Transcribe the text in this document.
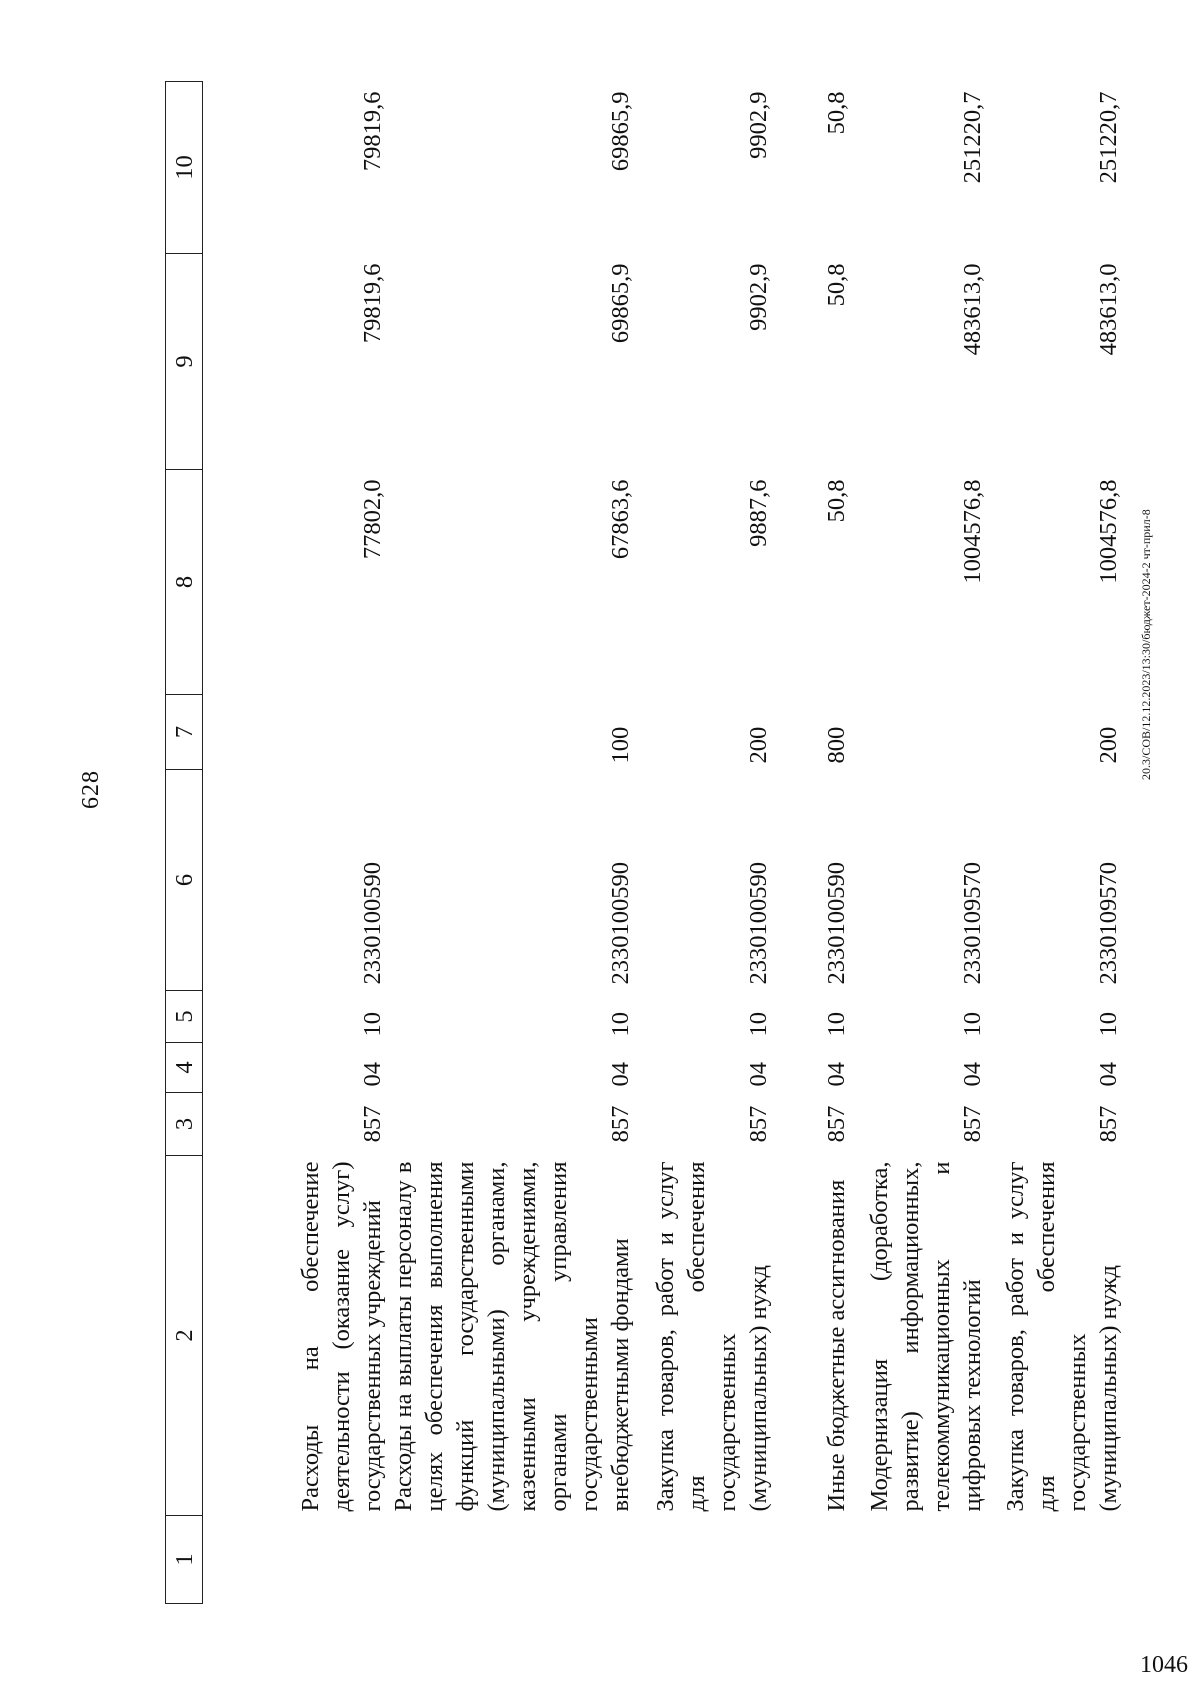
628
20.3/СОВ/12.12.2023/13:30/бюджет-2024-2 чт-прил-8
1046
1	2	3	4	5	6	7	8	9	10
	Расходы на обеспечение деятельности (оказание услуг) государственных учреждений	857	04	10	2330100590		77802,0	79819,6	79819,6
	Расходы на выплаты персоналу в целях обеспечения выполнения функций государственными (муниципальными) органами, казенными учреждениями, органами управления государственными внебюджетными фондами	857	04	10	2330100590	100	67863,6	69865,9	69865,9
	Закупка товаров, работ и услуг для обеспечения государственных (муниципальных) нужд	857	04	10	2330100590	200	9887,6	9902,9	9902,9
	Иные бюджетные ассигнования	857	04	10	2330100590	800	50,8	50,8	50,8
	Модернизация (доработка, развитие) информационных, телекоммуникационных и цифровых технологий	857	04	10	2330109570		1004576,8	483613,0	251220,7
	Закупка товаров, работ и услуг для обеспечения государственных (муниципальных) нужд	857	04	10	2330109570	200	1004576,8	483613,0	251220,7
